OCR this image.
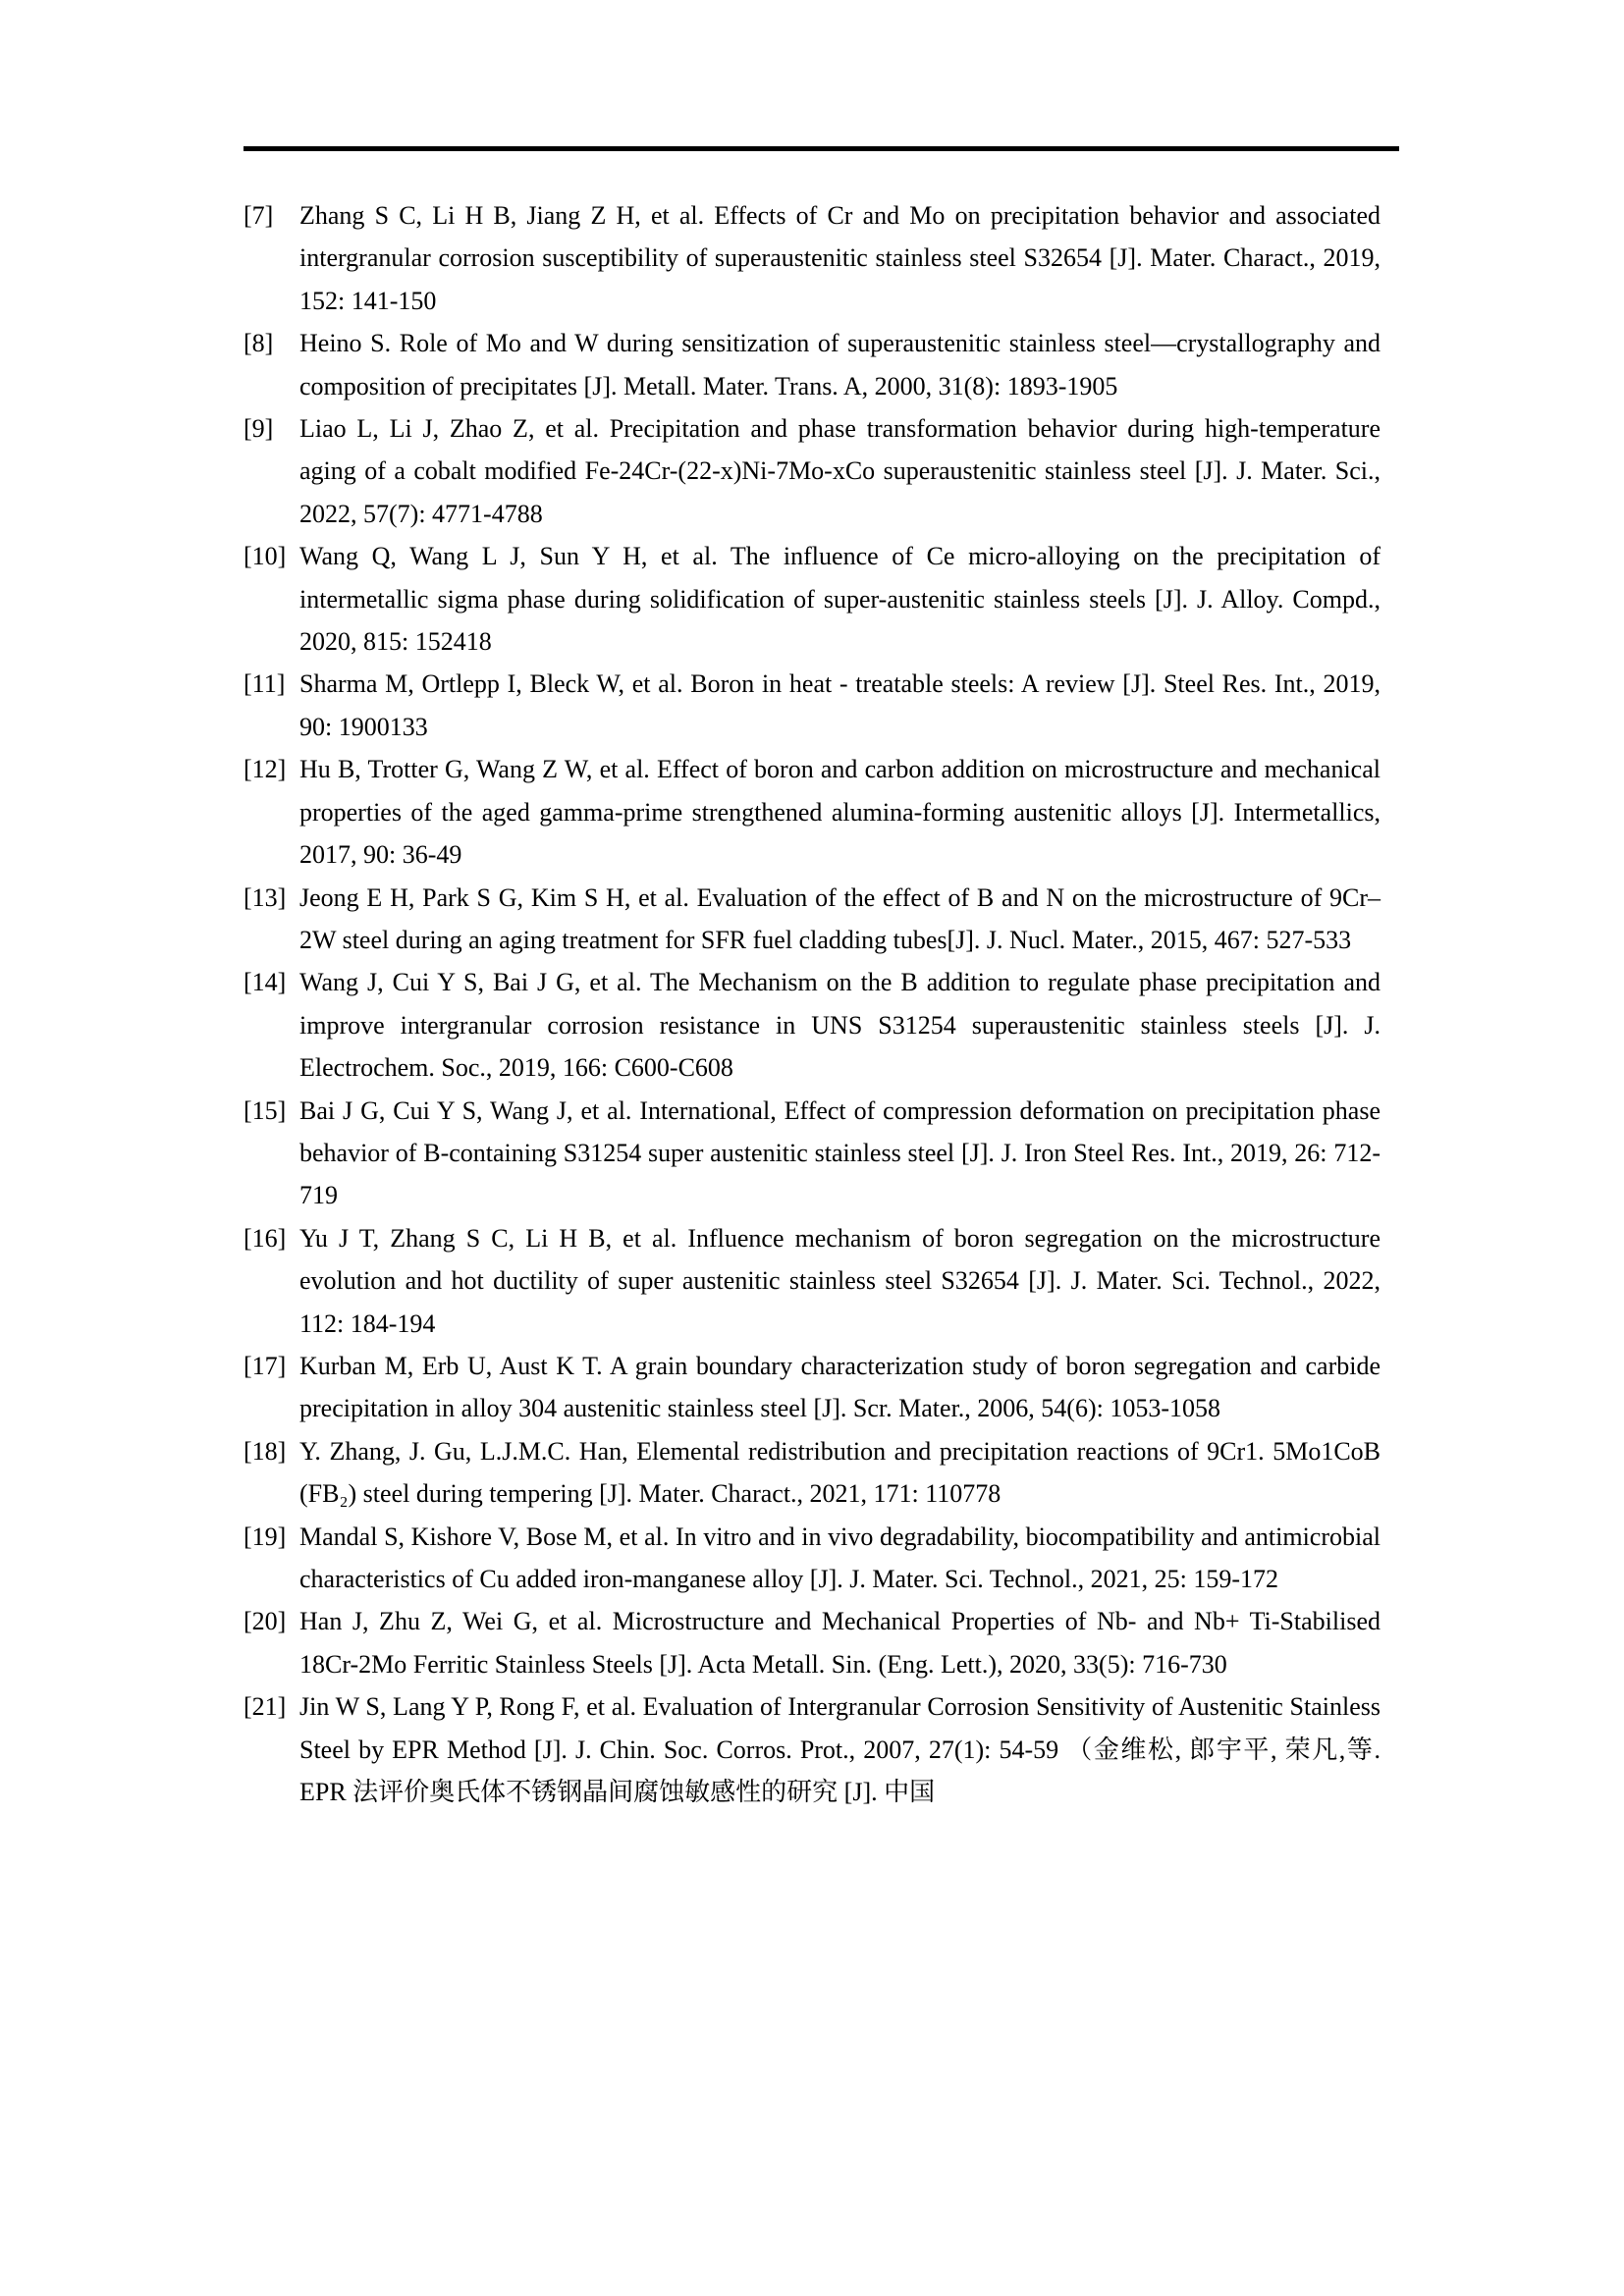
[7] Zhang S C, Li H B, Jiang Z H, et al. Effects of Cr and Mo on precipitation behavior and associated intergranular corrosion susceptibility of superaustenitic stainless steel S32654 [J]. Mater. Charact., 2019, 152: 141-150
[8] Heino S. Role of Mo and W during sensitization of superaustenitic stainless steel—crystallography and composition of precipitates [J]. Metall. Mater. Trans. A, 2000, 31(8): 1893-1905
[9] Liao L, Li J, Zhao Z, et al. Precipitation and phase transformation behavior during high-temperature aging of a cobalt modified Fe-24Cr-(22-x)Ni-7Mo-xCo superaustenitic stainless steel [J]. J. Mater. Sci., 2022, 57(7): 4771-4788
[10] Wang Q, Wang L J, Sun Y H, et al. The influence of Ce micro-alloying on the precipitation of intermetallic sigma phase during solidification of super-austenitic stainless steels [J]. J. Alloy. Compd., 2020, 815: 152418
[11] Sharma M, Ortlepp I, Bleck W, et al. Boron in heat - treatable steels: A review [J]. Steel Res. Int., 2019, 90: 1900133
[12] Hu B, Trotter G, Wang Z W, et al. Effect of boron and carbon addition on microstructure and mechanical properties of the aged gamma-prime strengthened alumina-forming austenitic alloys [J]. Intermetallics, 2017, 90: 36-49
[13] Jeong E H, Park S G, Kim S H, et al. Evaluation of the effect of B and N on the microstructure of 9Cr–2W steel during an aging treatment for SFR fuel cladding tubes[J]. J. Nucl. Mater., 2015, 467: 527-533
[14] Wang J, Cui Y S, Bai J G, et al. The Mechanism on the B addition to regulate phase precipitation and improve intergranular corrosion resistance in UNS S31254 superaustenitic stainless steels [J]. J. Electrochem. Soc., 2019, 166: C600-C608
[15] Bai J G, Cui Y S, Wang J, et al. International, Effect of compression deformation on precipitation phase behavior of B-containing S31254 super austenitic stainless steel [J]. J. Iron Steel Res. Int., 2019, 26: 712-719
[16] Yu J T, Zhang S C, Li H B, et al. Influence mechanism of boron segregation on the microstructure evolution and hot ductility of super austenitic stainless steel S32654 [J]. J. Mater. Sci. Technol., 2022, 112: 184-194
[17] Kurban M, Erb U, Aust K T. A grain boundary characterization study of boron segregation and carbide precipitation in alloy 304 austenitic stainless steel [J]. Scr. Mater., 2006, 54(6): 1053-1058
[18] Y. Zhang, J. Gu, L.J.M.C. Han, Elemental redistribution and precipitation reactions of 9Cr1. 5Mo1CoB (FB₂) steel during tempering [J]. Mater. Charact., 2021, 171: 110778
[19] Mandal S, Kishore V, Bose M, et al. In vitro and in vivo degradability, biocompatibility and antimicrobial characteristics of Cu added iron-manganese alloy [J]. J. Mater. Sci. Technol., 2021, 25: 159-172
[20] Han J, Zhu Z, Wei G, et al. Microstructure and Mechanical Properties of Nb- and Nb+ Ti-Stabilised 18Cr-2Mo Ferritic Stainless Steels [J]. Acta Metall. Sin. (Eng. Lett.), 2020, 33(5): 716-730
[21] Jin W S, Lang Y P, Rong F, et al. Evaluation of Intergranular Corrosion Sensitivity of Austenitic Stainless Steel by EPR Method [J]. J. Chin. Soc. Corros. Prot., 2007, 27(1): 54-59 （金维松, 郎宇平, 荣凡,等. EPR 法评价奥氏体不锈钢晶间腐蚀敏感性的研究 [J]. 中国
